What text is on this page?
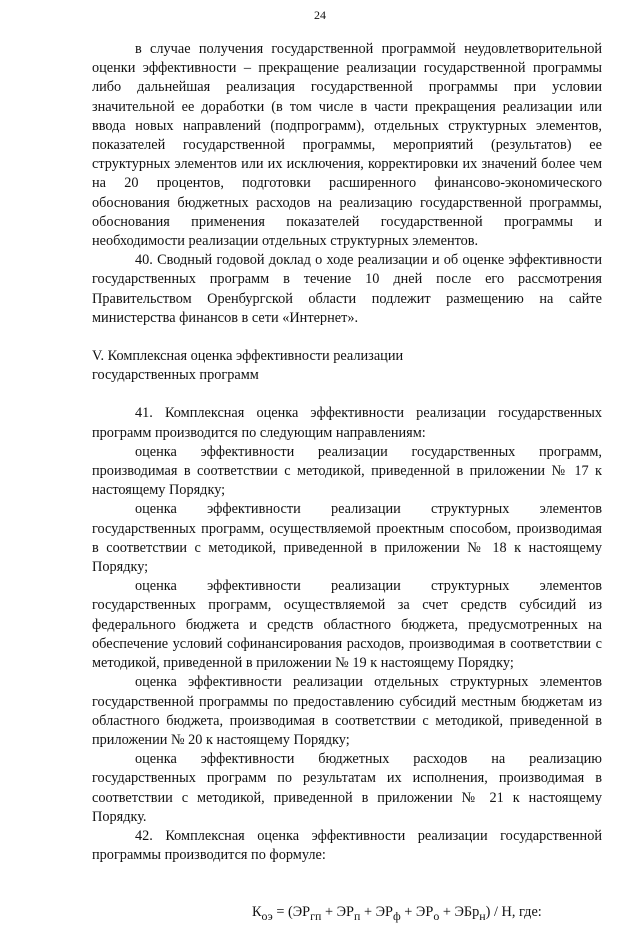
24

в случае получения государственной программой неудовлетворительной оценки эффективности – прекращение реализации государственной программы либо дальнейшая реализация государственной программы при условии значительной ее доработки (в том числе в части прекращения реализации или ввода новых направлений (подпрограмм), отдельных структурных элементов, показателей государственной программы, мероприятий (результатов) ее структурных элементов или их исключения, корректировки их значений более чем на 20 процентов, подготовки расширенного финансово-экономического обоснования бюджетных расходов на реализацию государственной программы, обоснования применения показателей государственной программы и необходимости реализации отдельных структурных элементов.

40. Сводный годовой доклад о ходе реализации и об оценке эффективности государственных программ в течение 10 дней после его рассмотрения Правительством Оренбургской области подлежит размещению на сайте министерства финансов в сети «Интернет».

V. Комплексная оценка эффективности реализации
государственных программ

41. Комплексная оценка эффективности реализации государственных программ производится по следующим направлениям:

оценка эффективности реализации государственных программ, производимая в соответствии с методикой, приведенной в приложении № 17 к настоящему Порядку;

оценка эффективности реализации структурных элементов государственных программ, осуществляемой проектным способом, производимая в соответствии с методикой, приведенной в приложении № 18 к настоящему Порядку;

оценка эффективности реализации структурных элементов государственных программ, осуществляемой за счет средств субсидий из федерального бюджета и средств областного бюджета, предусмотренных на обеспечение условий софинансирования расходов, производимая в соответствии с методикой, приведенной в приложении № 19 к настоящему Порядку;

оценка эффективности реализации отдельных структурных элементов государственной программы по предоставлению субсидий местным бюджетам из областного бюджета, производимая в соответствии с методикой, приведенной в приложении № 20 к настоящему Порядку;

оценка эффективности бюджетных расходов на реализацию государственных программ по результатам их исполнения, производимая в соответствии с методикой, приведенной в приложении № 21 к настоящему Порядку.

42. Комплексная оценка эффективности реализации государственной программы производится по формуле:

$К_{оэ} = (ЭР_{гп} + ЭР_п + ЭР_ф + ЭР_о + ЭБр_н) / Н$, где:
